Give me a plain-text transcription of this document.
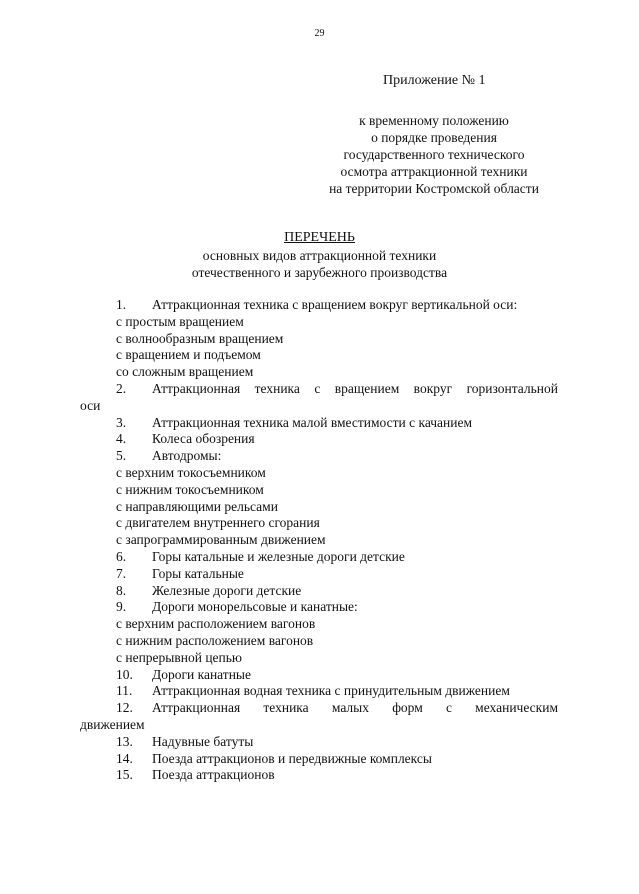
29
Приложение № 1
к временному положению
о порядке проведения
государственного технического
осмотра аттракционной техники
на территории Костромской области
ПЕРЕЧЕНЬ
основных видов аттракционной техники
отечественного и зарубежного производства
1. Аттракционная техника с вращением вокруг вертикальной оси:
с простым вращением
с волнообразным вращением
с вращением и подъемом
со сложным вращением
2. Аттракционная техника с вращением вокруг горизонтальной
оси
3. Аттракционная техника малой вместимости с качанием
4. Колеса обозрения
5. Автодромы:
с верхним токосъемником
с нижним токосъемником
с направляющими рельсами
с двигателем внутреннего сгорания
с запрограммированным движением
6. Горы катальные и железные дороги детские
7. Горы катальные
8. Железные дороги детские
9. Дороги монорельсовые и канатные:
с верхним расположением вагонов
с нижним расположением вагонов
с непрерывной цепью
10. Дороги канатные
11. Аттракционная водная техника с принудительным движением
12. Аттракционная техника малых форм с механическим
движением
13. Надувные батуты
14. Поезда аттракционов и передвижные комплексы
15. Поезда аттракционов
